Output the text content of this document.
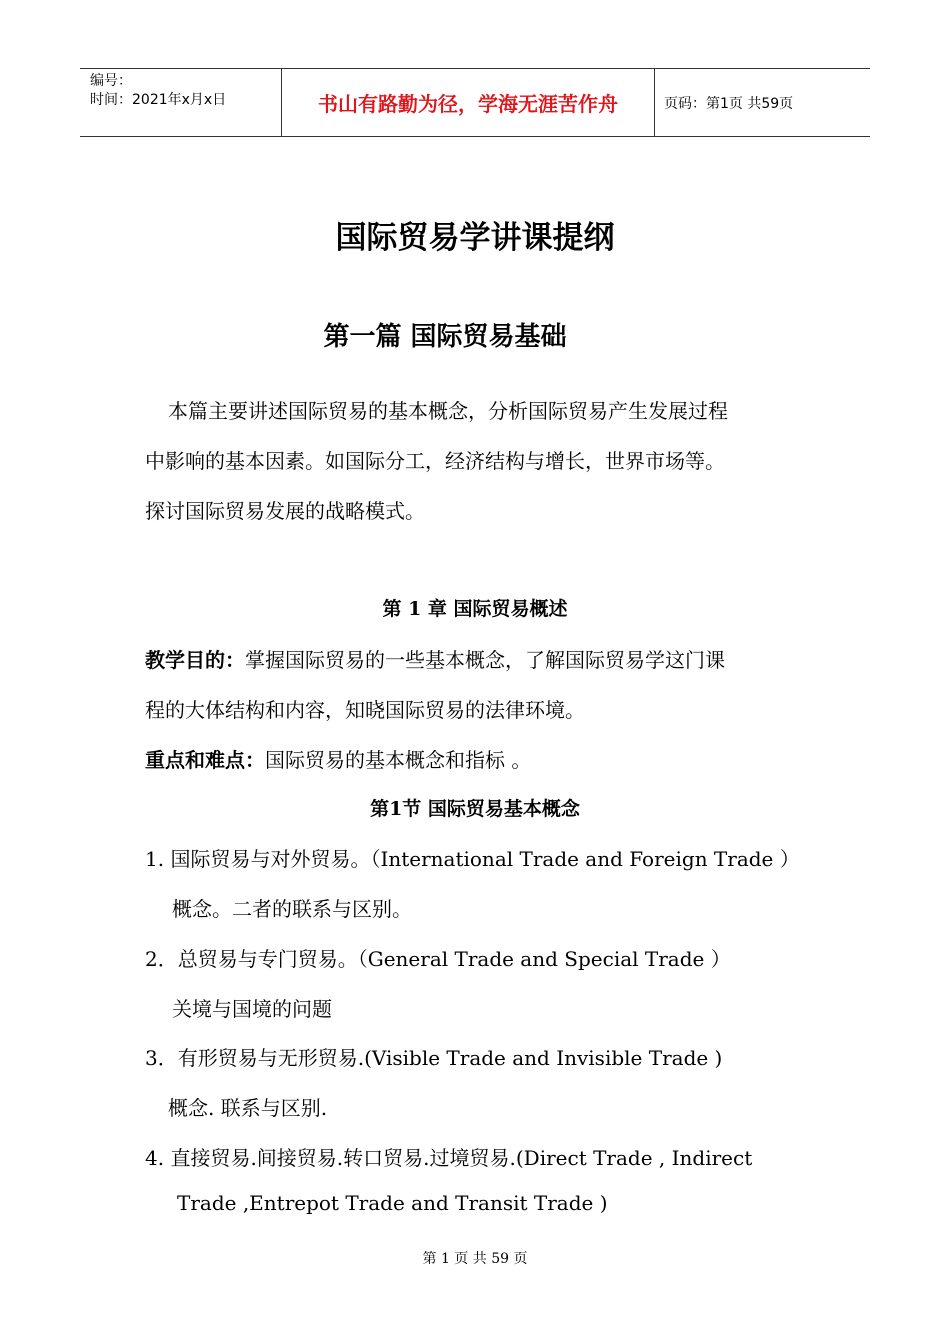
编号：
时间：2021年x月x日	书山有路勤为径，学海无涯苦作舟	页码：第1页 共59页
国际贸易学讲课提纲
第一篇 国际贸易基础
本篇主要讲述国际贸易的基本概念，分析国际贸易产生发展过程
中影响的基本因素。如国际分工，经济结构与增长，世界市场等。
探讨国际贸易发展的战略模式。
第 1 章 国际贸易概述
教学目的：掌握国际贸易的一些基本概念，了解国际贸易学这门课
程的大体结构和内容，知晓国际贸易的法律环境。
重点和难点：国际贸易的基本概念和指标 。
第1节 国际贸易基本概念
1. 国际贸易与对外贸易。（International Trade and Foreign Trade ）
概念。二者的联系与区别。
2．总贸易与专门贸易。（General Trade and Special Trade ）
关境与国境的问题
3．有形贸易与无形贸易.(Visible Trade and Invisible Trade )
概念. 联系与区别.
4. 直接贸易.间接贸易.转口贸易.过境贸易.(Direct Trade , Indirect
Trade ,Entrepot Trade and Transit Trade )
第 1 页 共 59 页
